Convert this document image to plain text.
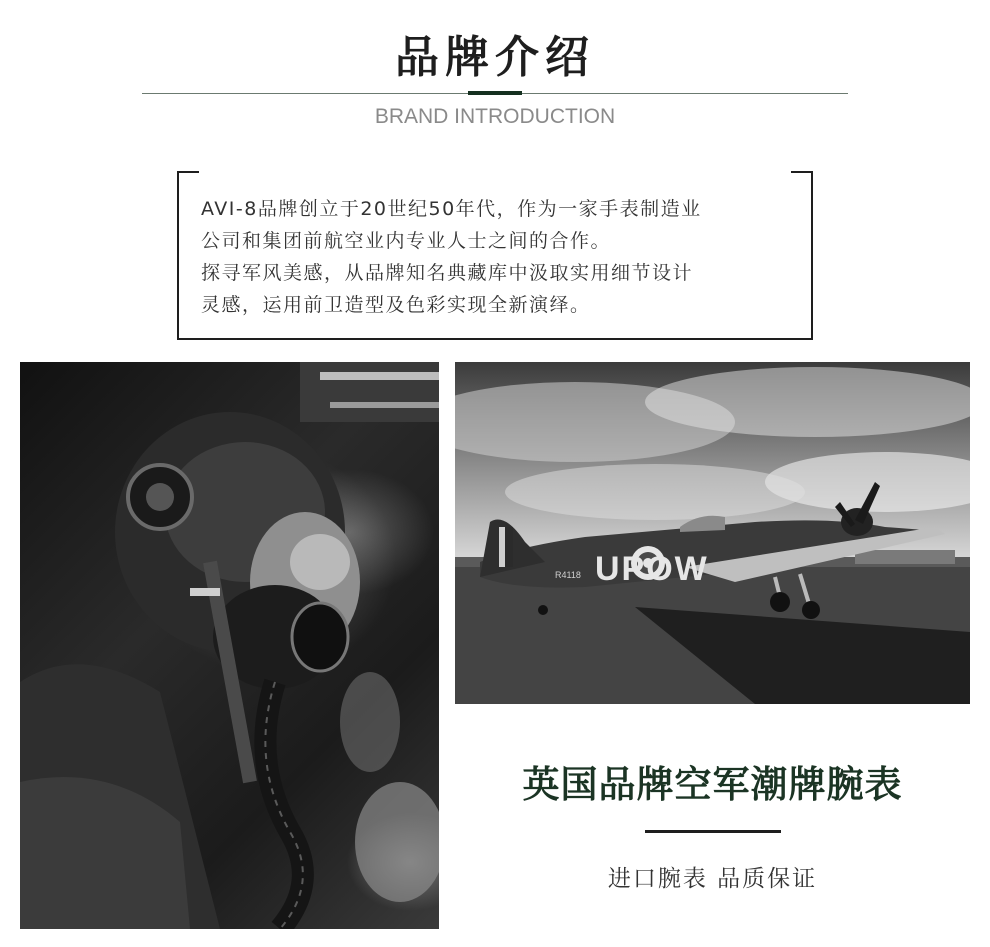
品牌介绍
BRAND INTRODUCTION
AVI-8品牌创立于20世纪50年代，作为一家手表制造业
公司和集团前航空业内专业人士之间的合作。
探寻军风美感，从品牌知名典藏库中汲取实用细节设计
灵感，运用前卫造型及色彩实现全新演绎。
UPOW
R4118
英国品牌空军潮牌腕表
进口腕表 品质保证
